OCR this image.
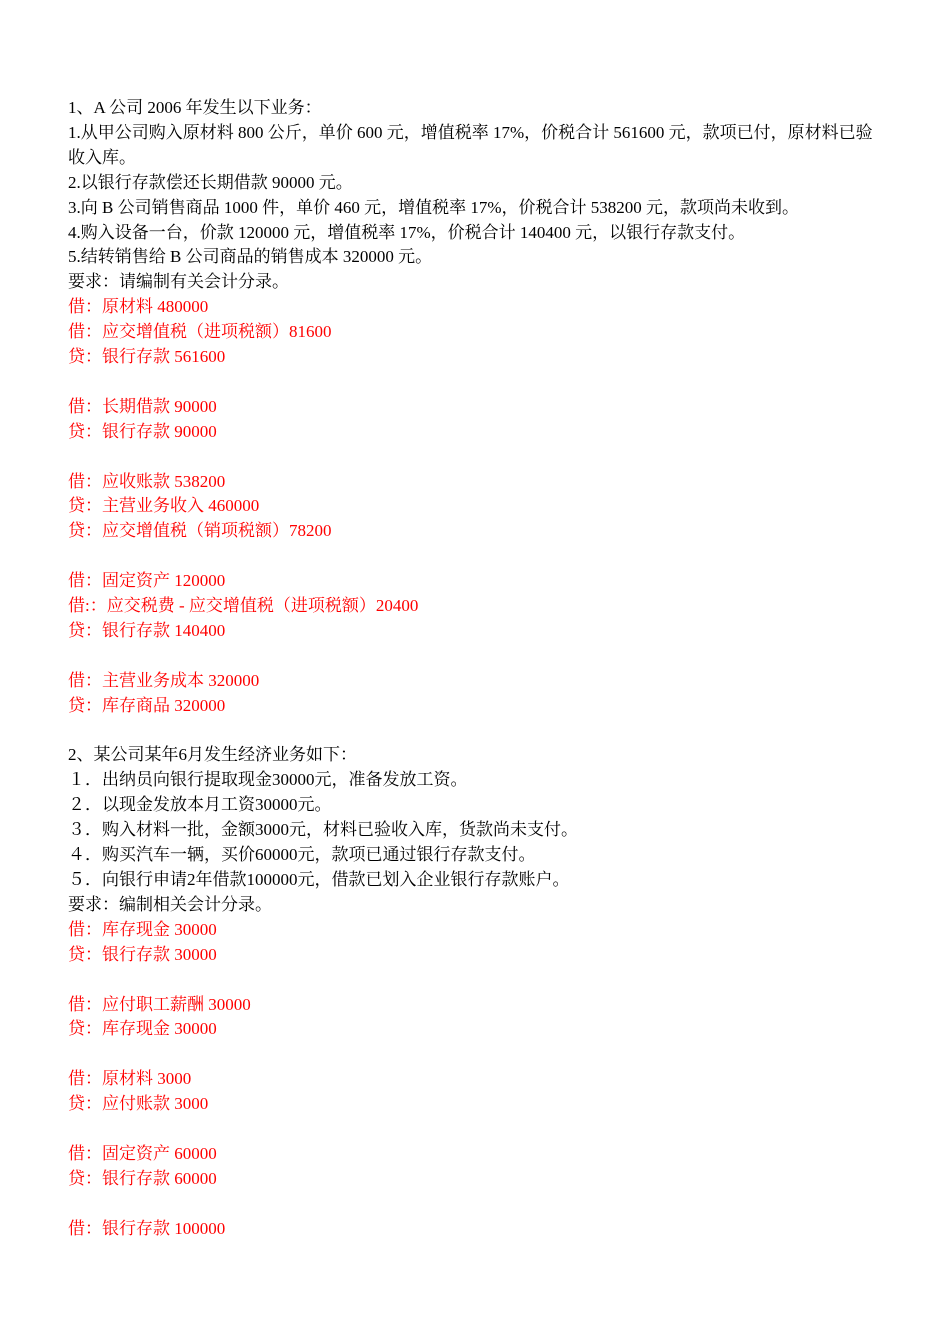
1、A 公司 2006 年发生以下业务：
1.从甲公司购入原材料 800 公斤，单价 600 元，增值税率 17%，价税合计 561600 元，款项已付，原材料已验收入库。
2.以银行存款偿还长期借款 90000 元。
3.向 B 公司销售商品 1000 件，单价 460 元，增值税率 17%，价税合计 538200 元，款项尚未收到。
4.购入设备一台，价款 120000 元，增值税率 17%，价税合计 140400 元，以银行存款支付。
5.结转销售给 B 公司商品的销售成本 320000 元。
要求：请编制有关会计分录。
借：原材料 480000
借：应交增值税（进项税额）81600
贷：银行存款 561600
借：长期借款 90000
贷：银行存款 90000
借：应收账款 538200
贷：主营业务收入 460000
贷：应交增值税（销项税额）78200
借：固定资产 120000
借:：应交税费 - 应交增值税（进项税额）20400
贷：银行存款 140400
借：主营业务成本 320000
贷：库存商品 320000
2、某公司某年6月发生经济业务如下：
１．出纳员向银行提取现金30000元，准备发放工资。
２．以现金发放本月工资30000元。
３．购入材料一批，金额3000元，材料已验收入库，货款尚未支付。
４．购买汽车一辆，买价60000元，款项已通过银行存款支付。
５．向银行申请2年借款100000元，借款已划入企业银行存款账户。
要求：编制相关会计分录。
借：库存现金 30000
贷：银行存款 30000
借：应付职工薪酬 30000
贷：库存现金 30000
借：原材料 3000
贷：应付账款 3000
借：固定资产 60000
贷：银行存款 60000
借：银行存款 100000
